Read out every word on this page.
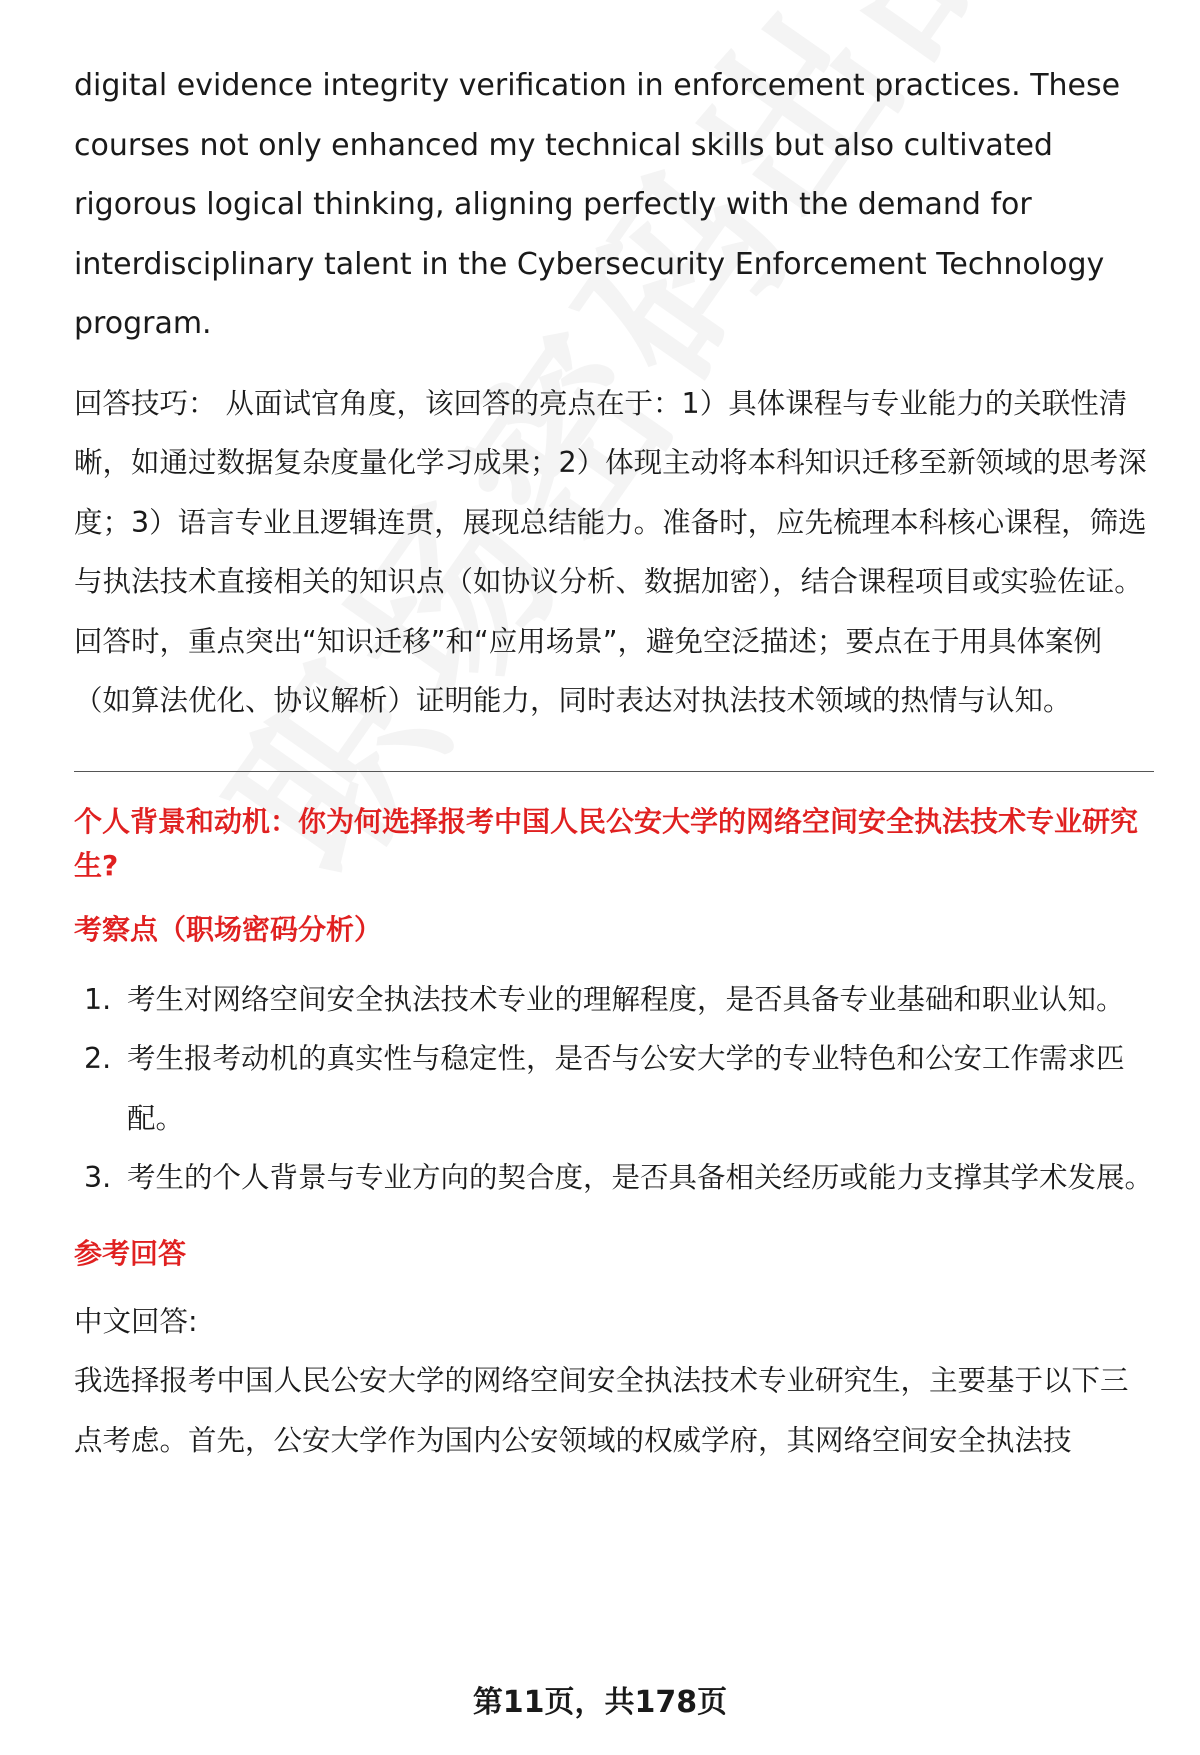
digital evidence integrity verification in enforcement practices. These courses not only enhanced my technical skills but also cultivated rigorous logical thinking, aligning perfectly with the demand for interdisciplinary talent in the Cybersecurity Enforcement Technology program.

回答技巧： 从面试官角度，该回答的亮点在于：1）具体课程与专业能力的关联性清晰，如通过数据复杂度量化学习成果；2）体现主动将本科知识迁移至新领域的思考深度；3）语言专业且逻辑连贯，展现总结能力。准备时，应先梳理本科核心课程，筛选与执法技术直接相关的知识点（如协议分析、数据加密），结合课程项目或实验佐证。回答时，重点突出“知识迁移”和“应用场景”，避免空泛描述；要点在于用具体案例（如算法优化、协议解析）证明能力，同时表达对执法技术领域的热情与认知。

个人背景和动机：你为何选择报考中国人民公安大学的网络空间安全执法技术专业研究生?

考察点（职场密码分析）

1. 考生对网络空间安全执法技术专业的理解程度，是否具备专业基础和职业认知。
2. 考生报考动机的真实性与稳定性，是否与公安大学的专业特色和公安工作需求匹配。
3. 考生的个人背景与专业方向的契合度，是否具备相关经历或能力支撑其学术发展。

参考回答

中文回答:

我选择报考中国人民公安大学的网络空间安全执法技术专业研究生，主要基于以下三点考虑。首先，公安大学作为国内公安领域的权威学府，其网络空间安全执法技

第11页，共178页
